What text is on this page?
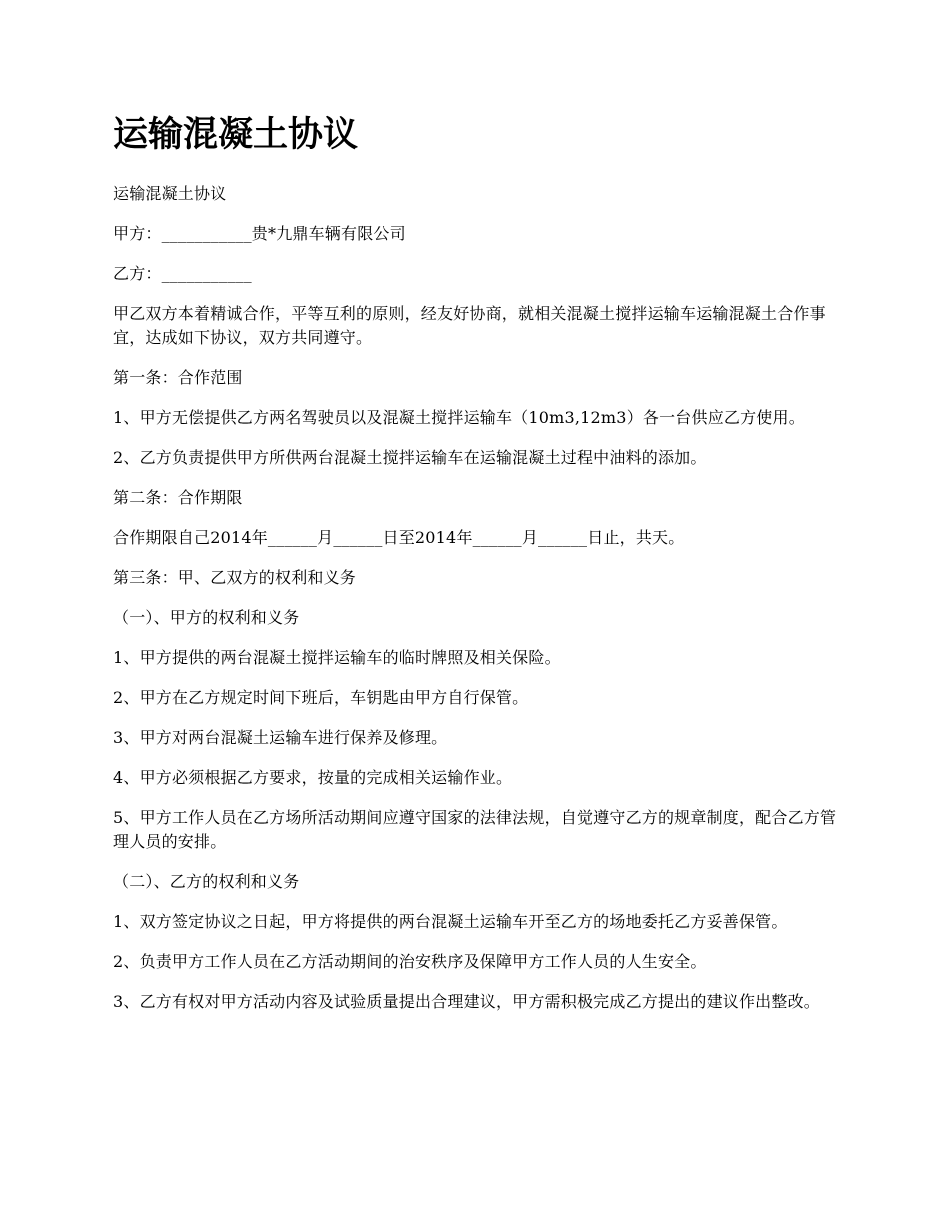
运输混凝土协议

运输混凝土协议

甲方：___________贵*九鼎车辆有限公司

乙方：___________

甲乙双方本着精诚合作，平等互利的原则，经友好协商，就相关混凝土搅拌运输车运输混凝土合作事宜，达成如下协议，双方共同遵守。

第一条：合作范围

1、甲方无偿提供乙方两名驾驶员以及混凝土搅拌运输车（10m3,12m3）各一台供应乙方使用。

2、乙方负责提供甲方所供两台混凝土搅拌运输车在运输混凝土过程中油料的添加。

第二条：合作期限

合作期限自己2014年______月______日至2014年______月______日止，共天。

第三条：甲、乙双方的权利和义务

（一）、甲方的权利和义务

1、甲方提供的两台混凝土搅拌运输车的临时牌照及相关保险。

2、甲方在乙方规定时间下班后，车钥匙由甲方自行保管。

3、甲方对两台混凝土运输车进行保养及修理。

4、甲方必须根据乙方要求，按量的完成相关运输作业。

5、甲方工作人员在乙方场所活动期间应遵守国家的法律法规，自觉遵守乙方的规章制度，配合乙方管理人员的安排。

（二）、乙方的权利和义务

1、双方签定协议之日起，甲方将提供的两台混凝土运输车开至乙方的场地委托乙方妥善保管。

2、负责甲方工作人员在乙方活动期间的治安秩序及保障甲方工作人员的人生安全。

3、乙方有权对甲方活动内容及试验质量提出合理建议，甲方需积极完成乙方提出的建议作出整改。
